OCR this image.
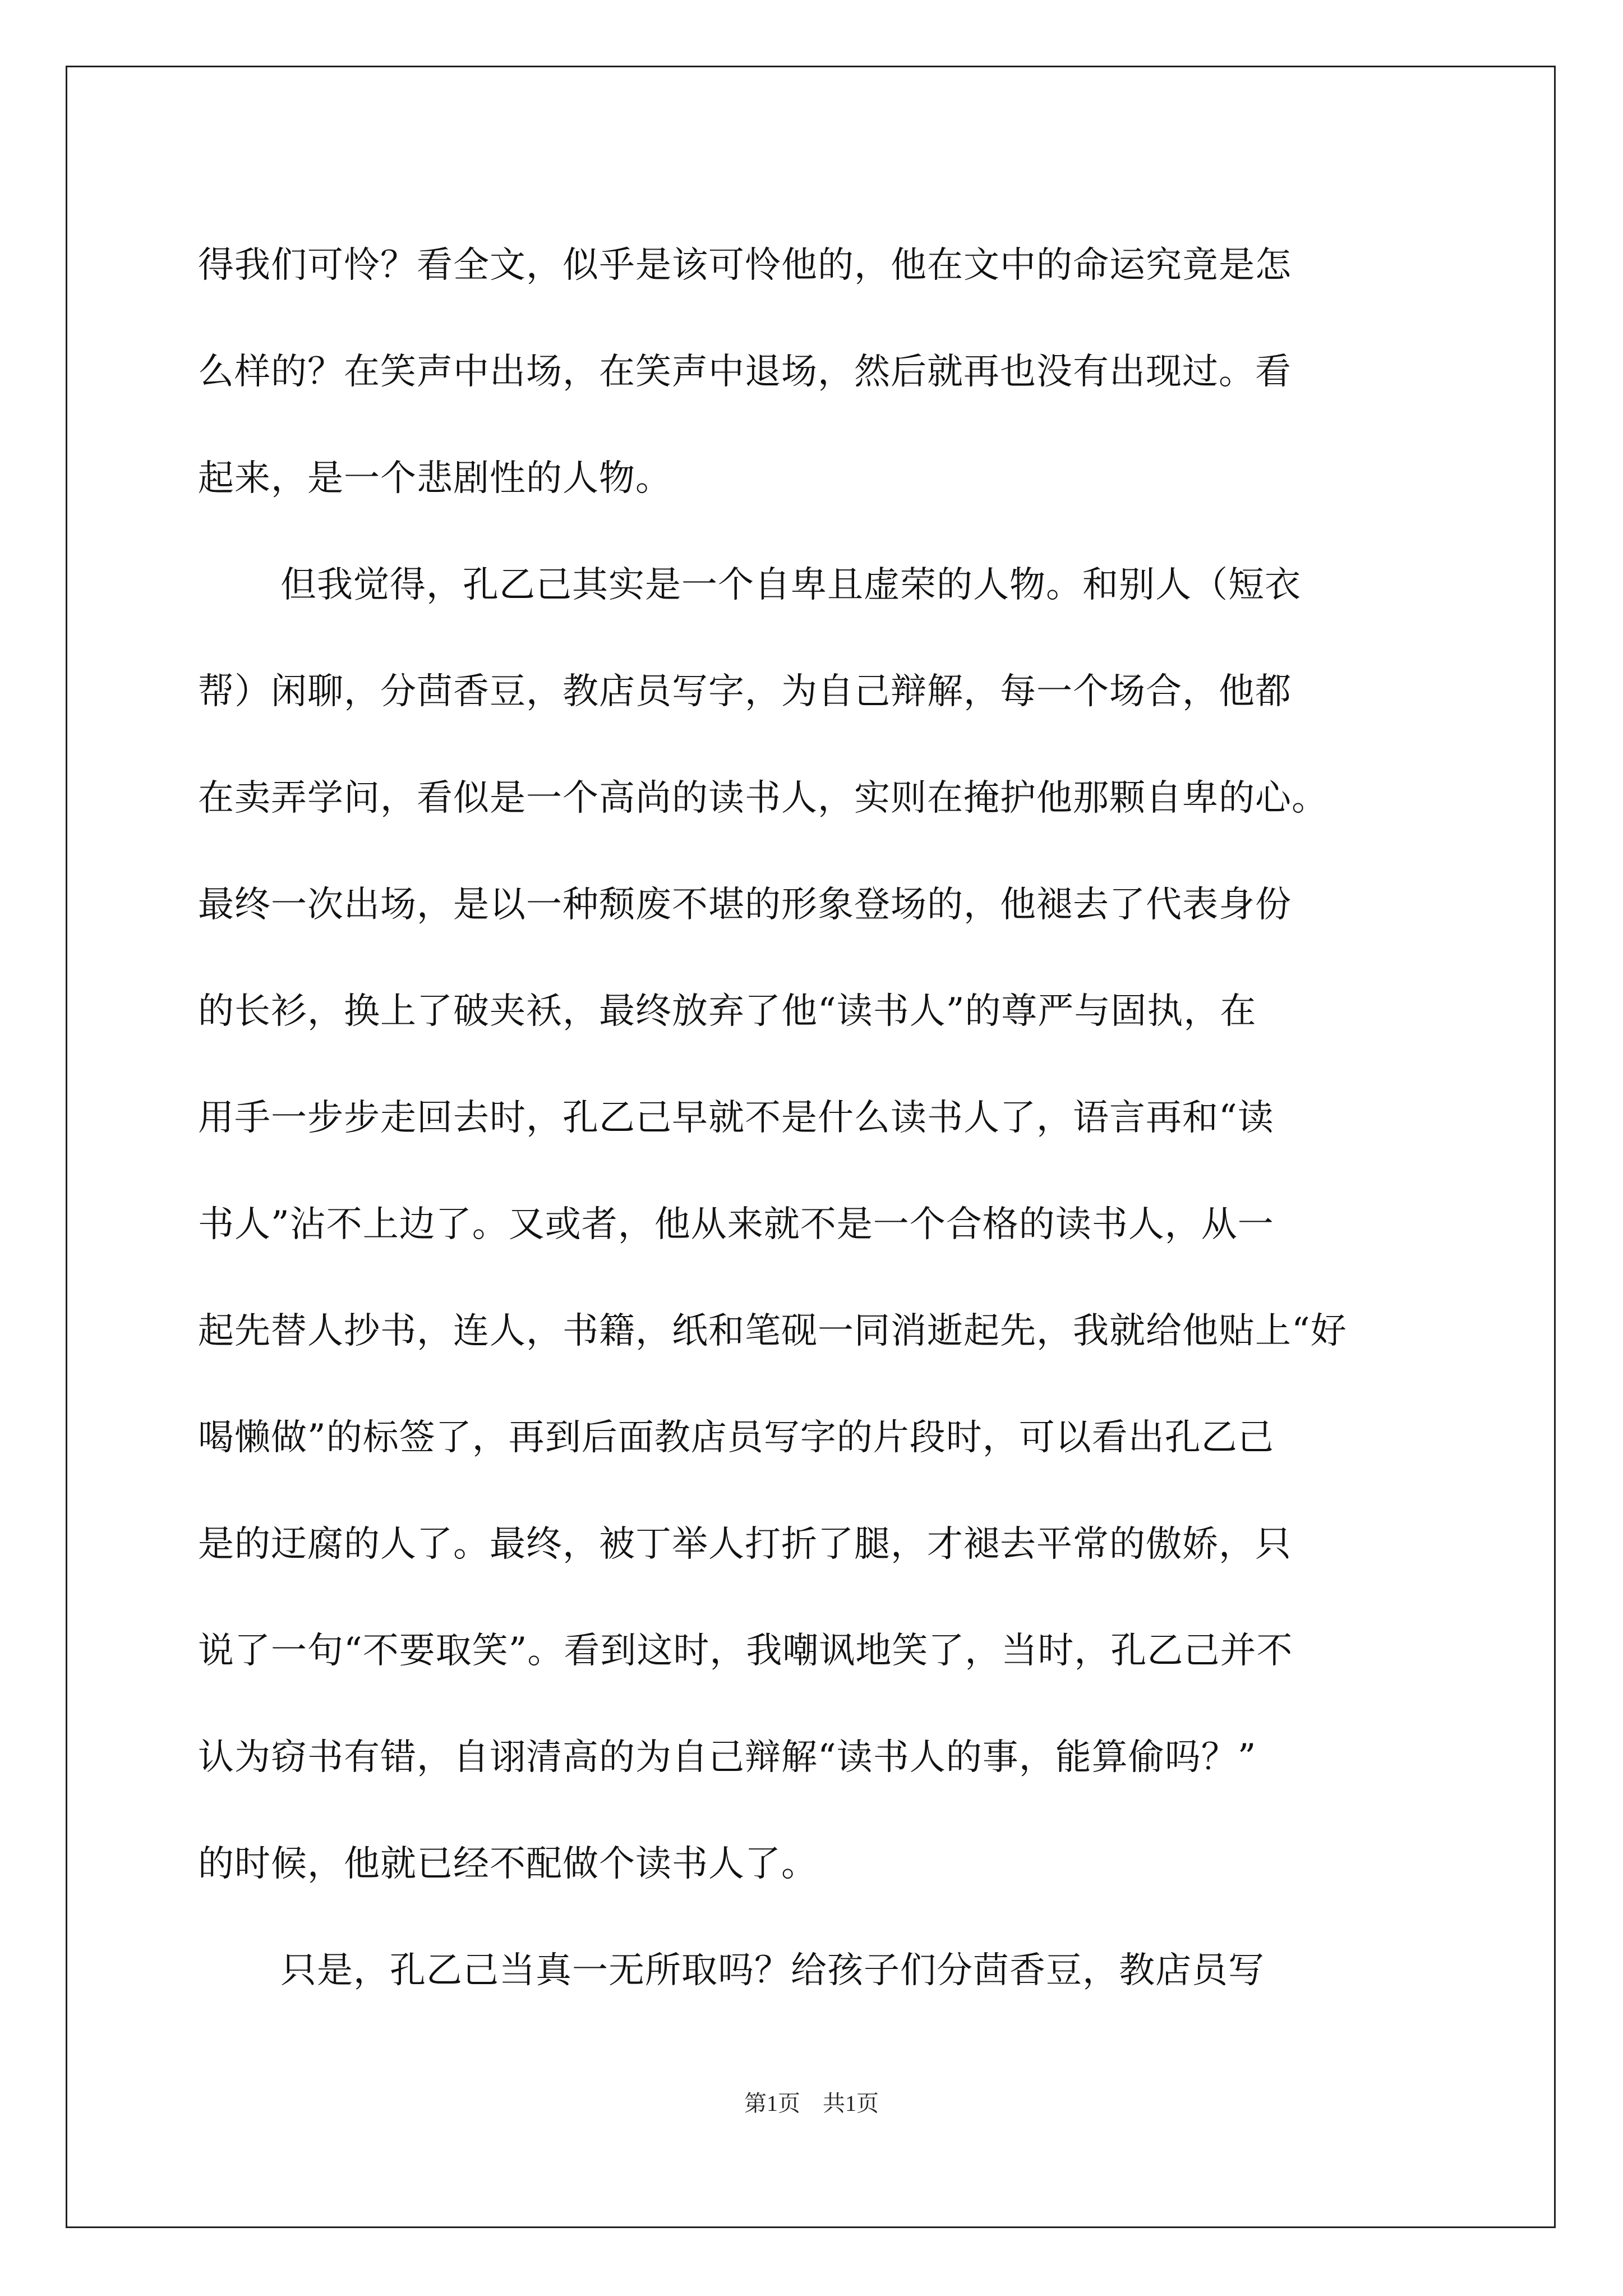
得我们可怜？看全文，似乎是该可怜他的，他在文中的命运究竟是怎
么样的？在笑声中出场，在笑声中退场，然后就再也没有出现过。看
起来，是一个悲剧性的人物。
但我觉得，孔乙己其实是一个自卑且虚荣的人物。和别人（短衣
帮）闲聊，分茴香豆，教店员写字，为自己辩解，每一个场合，他都
在卖弄学问，看似是一个高尚的读书人，实则在掩护他那颗自卑的心。
最终一次出场，是以一种颓废不堪的形象登场的，他褪去了代表身份
的长衫，换上了破夹袄，最终放弃了他“读书人”的尊严与固执，在
用手一步步走回去时，孔乙己早就不是什么读书人了，语言再和“读
书人”沾不上边了。又或者，他从来就不是一个合格的读书人，从一
起先替人抄书，连人，书籍，纸和笔砚一同消逝起先，我就给他贴上“好
喝懒做”的标签了，再到后面教店员写字的片段时，可以看出孔乙己
是的迂腐的人了。最终，被丁举人打折了腿，才褪去平常的傲娇，只
说了一句“不要取笑”。看到这时，我嘲讽地笑了，当时，孔乙己并不
认为窃书有错，自诩清高的为自己辩解“读书人的事，能算偷吗？”
的时候，他就已经不配做个读书人了。
只是，孔乙己当真一无所取吗？给孩子们分茴香豆，教店员写
第1页　共1页
